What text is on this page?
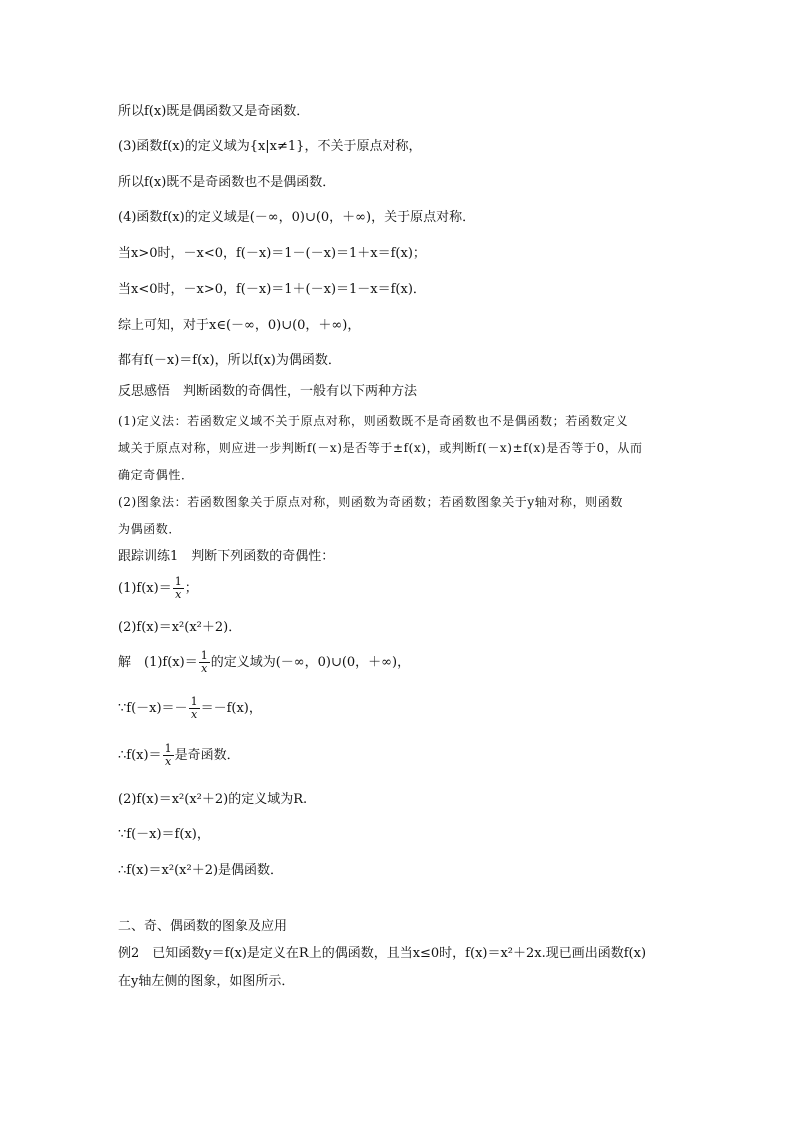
所以f(x)既是偶函数又是奇函数．
(3)函数f(x)的定义域为{x|x≠1}，不关于原点对称，
所以f(x)既不是奇函数也不是偶函数．
(4)函数f(x)的定义域是(－∞，0)∪(0，＋∞)，关于原点对称．
当x>0时，－x<0，f(－x)＝1－(－x)＝1＋x＝f(x)；
当x<0时，－x>0，f(－x)＝1＋(－x)＝1－x＝f(x)．
综上可知，对于x∈(－∞，0)∪(0，＋∞)，
都有f(－x)＝f(x)，所以f(x)为偶函数．
反思感悟　判断函数的奇偶性，一般有以下两种方法
(1)定义法：若函数定义域不关于原点对称，则函数既不是奇函数也不是偶函数；若函数定义
域关于原点对称，则应进一步判断f(－x)是否等于±f(x)，或判断f(－x)±f(x)是否等于0，从而
确定奇偶性．
(2)图象法：若函数图象关于原点对称，则函数为奇函数；若函数图象关于y轴对称，则函数
为偶函数．
跟踪训练1　判断下列函数的奇偶性：
$(1)f(x)= \frac{1}{x}$ ；
(2)f(x)＝x²(x²＋2)．
解　$(1)f(x)= \frac{1}{x}$ 的定义域为(－∞，0)∪(0，＋∞)，
∵f(－x)＝－ $\frac{1}{x} =-f(x)$，
∴f(x)＝ $\frac{1}{x}$ 是奇函数．
(2)f(x)＝x²(x²＋2)的定义域为R.
∵f(－x)＝f(x)，
∴f(x)＝x²(x²＋2)是偶函数．
二、奇、偶函数的图象及应用
例2　已知函数y＝f(x)是定义在R上的偶函数，且当x≤0时，f(x)＝x²＋2x.现已画出函数f(x)
在y轴左侧的图象，如图所示．
